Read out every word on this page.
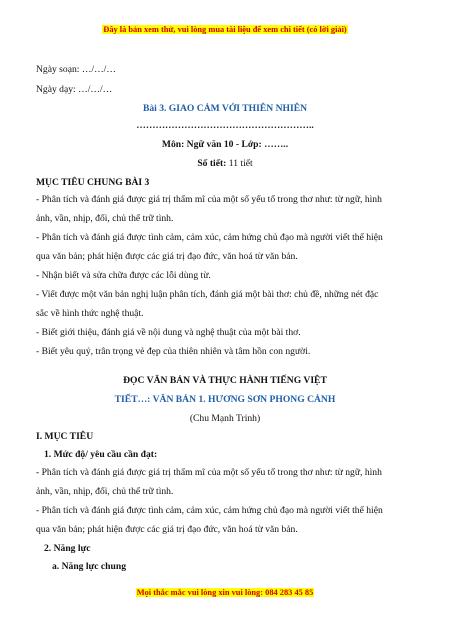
Đây là bản xem thử, vui lòng mua tài liệu để xem chi tiết (có lời giải)
Ngày soạn: …/…/…
Ngày dạy: …/…/…
Bài 3. GIAO CẢM VỚI THIÊN NHIÊN
………………………………………………..
Môn: Ngữ văn 10 - Lớp: ……..
Số tiết: 11 tiết
MỤC TIÊU CHUNG BÀI 3
- Phân tích và đánh giá được giá trị thẩm mĩ của một số yếu tố trong thơ như: từ ngữ, hình
ảnh, vần, nhịp, đối, chủ thể trữ tình.
- Phân tích và đánh giá được tình cảm, cảm xúc, cảm hứng chủ đạo mà người viết thể hiện
qua văn bản; phát hiện được các giá trị đạo đức, văn hoá từ văn bản.
- Nhận biết và sửa chữa được các lỗi dùng từ.
- Viết được một văn bản nghị luận phân tích, đánh giá một bài thơ: chủ đề, những nét đặc
sắc về hình thức nghệ thuật.
- Biết giới thiệu, đánh giá về nội dung và nghệ thuật của một bài thơ.
- Biết yêu quý, trân trọng vẻ đẹp của thiên nhiên và tâm hồn con người.
ĐỌC VĂN BẢN VÀ THỰC HÀNH TIẾNG VIỆT
TIẾT…: VĂN BẢN 1. HƯƠNG SƠN PHONG CẢNH
(Chu Mạnh Trinh)
I. MỤC TIÊU
1. Mức độ/ yêu cầu cần đạt:
- Phân tích và đánh giá được giá trị thẩm mĩ của một số yếu tố trong thơ như: từ ngữ, hình
ảnh, vần, nhịp, đối, chủ thể trữ tình.
- Phân tích và đánh giá được tình cảm, cảm xúc, cảm hứng chủ đạo mà người viết thể hiện
qua văn bản; phát hiện được các giá trị đạo đức, văn hoá từ văn bản.
2. Năng lực
a. Năng lực chung
Mọi thắc mắc vui lòng xin vui lòng: 084 283 45 85
